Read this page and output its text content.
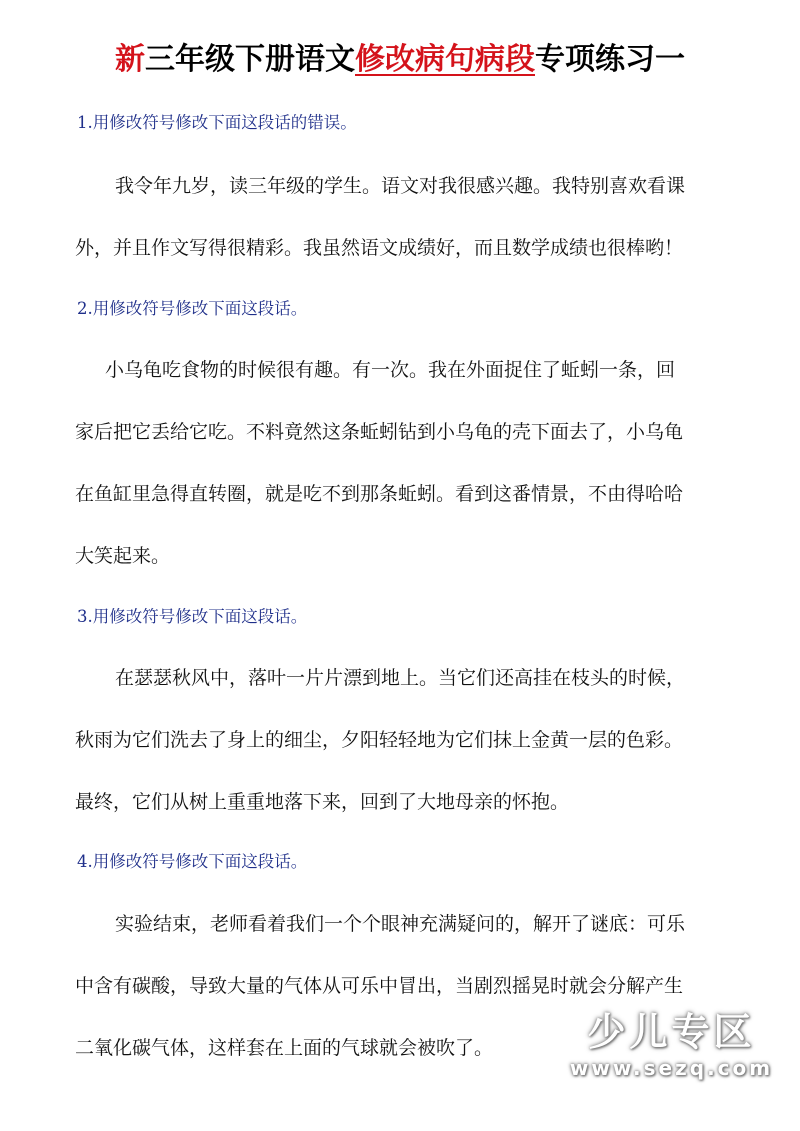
新三年级下册语文修改病句病段专项练习一
1.用修改符号修改下面这段话的错误。
我令年九岁，读三年级的学生。语文对我很感兴趣。我特别喜欢看课
外，并且作文写得很精彩。我虽然语文成绩好，而且数学成绩也很棒哟！
2.用修改符号修改下面这段话。
小乌龟吃食物的时候很有趣。有一次。我在外面捉住了蚯蚓一条，回
家后把它丢给它吃。不料竟然这条蚯蚓钻到小乌龟的壳下面去了，小乌龟
在鱼缸里急得直转圈，就是吃不到那条蚯蚓。看到这番情景，不由得哈哈
大笑起来。
3.用修改符号修改下面这段话。
在瑟瑟秋风中，落叶一片片漂到地上。当它们还高挂在枝头的时候，
秋雨为它们洗去了身上的细尘，夕阳轻轻地为它们抹上金黄一层的色彩。
最终，它们从树上重重地落下来，回到了大地母亲的怀抱。
4.用修改符号修改下面这段话。
实验结束，老师看着我们一个个眼神充满疑问的，解开了谜底：可乐
中含有碳酸，导致大量的气体从可乐中冒出，当剧烈摇晃时就会分解产生
二氧化碳气体，这样套在上面的气球就会被吹了。	少儿专区
www.sezq.com
